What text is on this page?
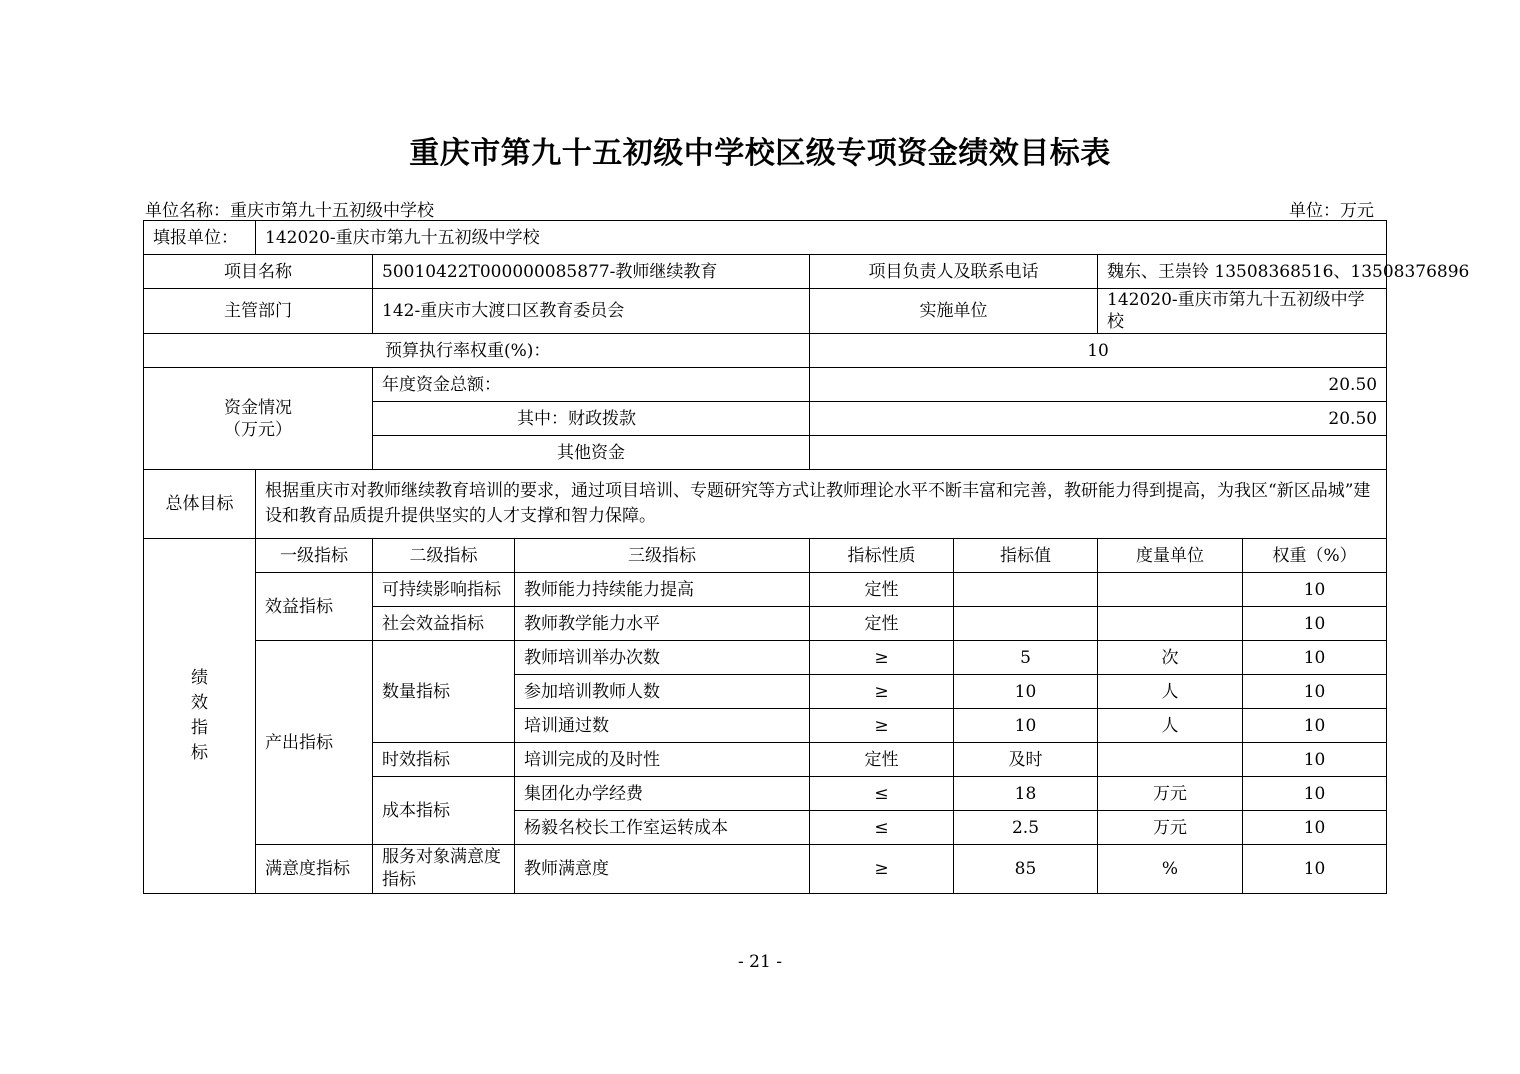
重庆市第九十五初级中学校区级专项资金绩效目标表
单位名称：重庆市第九十五初级中学校	单位：万元
填报单位：	142020-重庆市第九十五初级中学校						
项目名称		50010422T000000085877-教师继续教育		项目负责人及联系电话		魏东、王崇铃 13508368516、13508376896	
主管部门		142-重庆市大渡口区教育委员会		实施单位		142020-重庆市第九十五初级中学校	
预算执行率权重(%)：				10			

资金情况
（万元）		年度资金总额：		20.50			
		其中：财政拨款		20.50			
		其他资金					
总体目标	根据重庆市对教师继续教育培训的要求，通过项目培训、专题研究等方式让教师理论水平不断丰富和完善，教研能力得到提高，为我区“新区品城”建设和教育品质提升提供坚实的人才支撑和智力保障。						

绩
效
指
标	一级指标	二级指标	三级指标	指标性质	指标值	度量单位	权重（%）
	效益指标	可持续影响指标	教师能力持续能力提高	定性			10
		社会效益指标	教师教学能力水平	定性			10
	产出指标	数量指标	教师培训举办次数	≥	5	次	10
			参加培训教师人数	≥	10	人	10
			培训通过数	≥	10	人	10
		时效指标	培训完成的及时性	定性	及时		10
		成本指标	集团化办学经费	≤	18	万元	10
			杨毅名校长工作室运转成本	≤	2.5	万元	10
	满意度指标	服务对象满意度指标	教师满意度	≥	85	%	10
- 21 -
